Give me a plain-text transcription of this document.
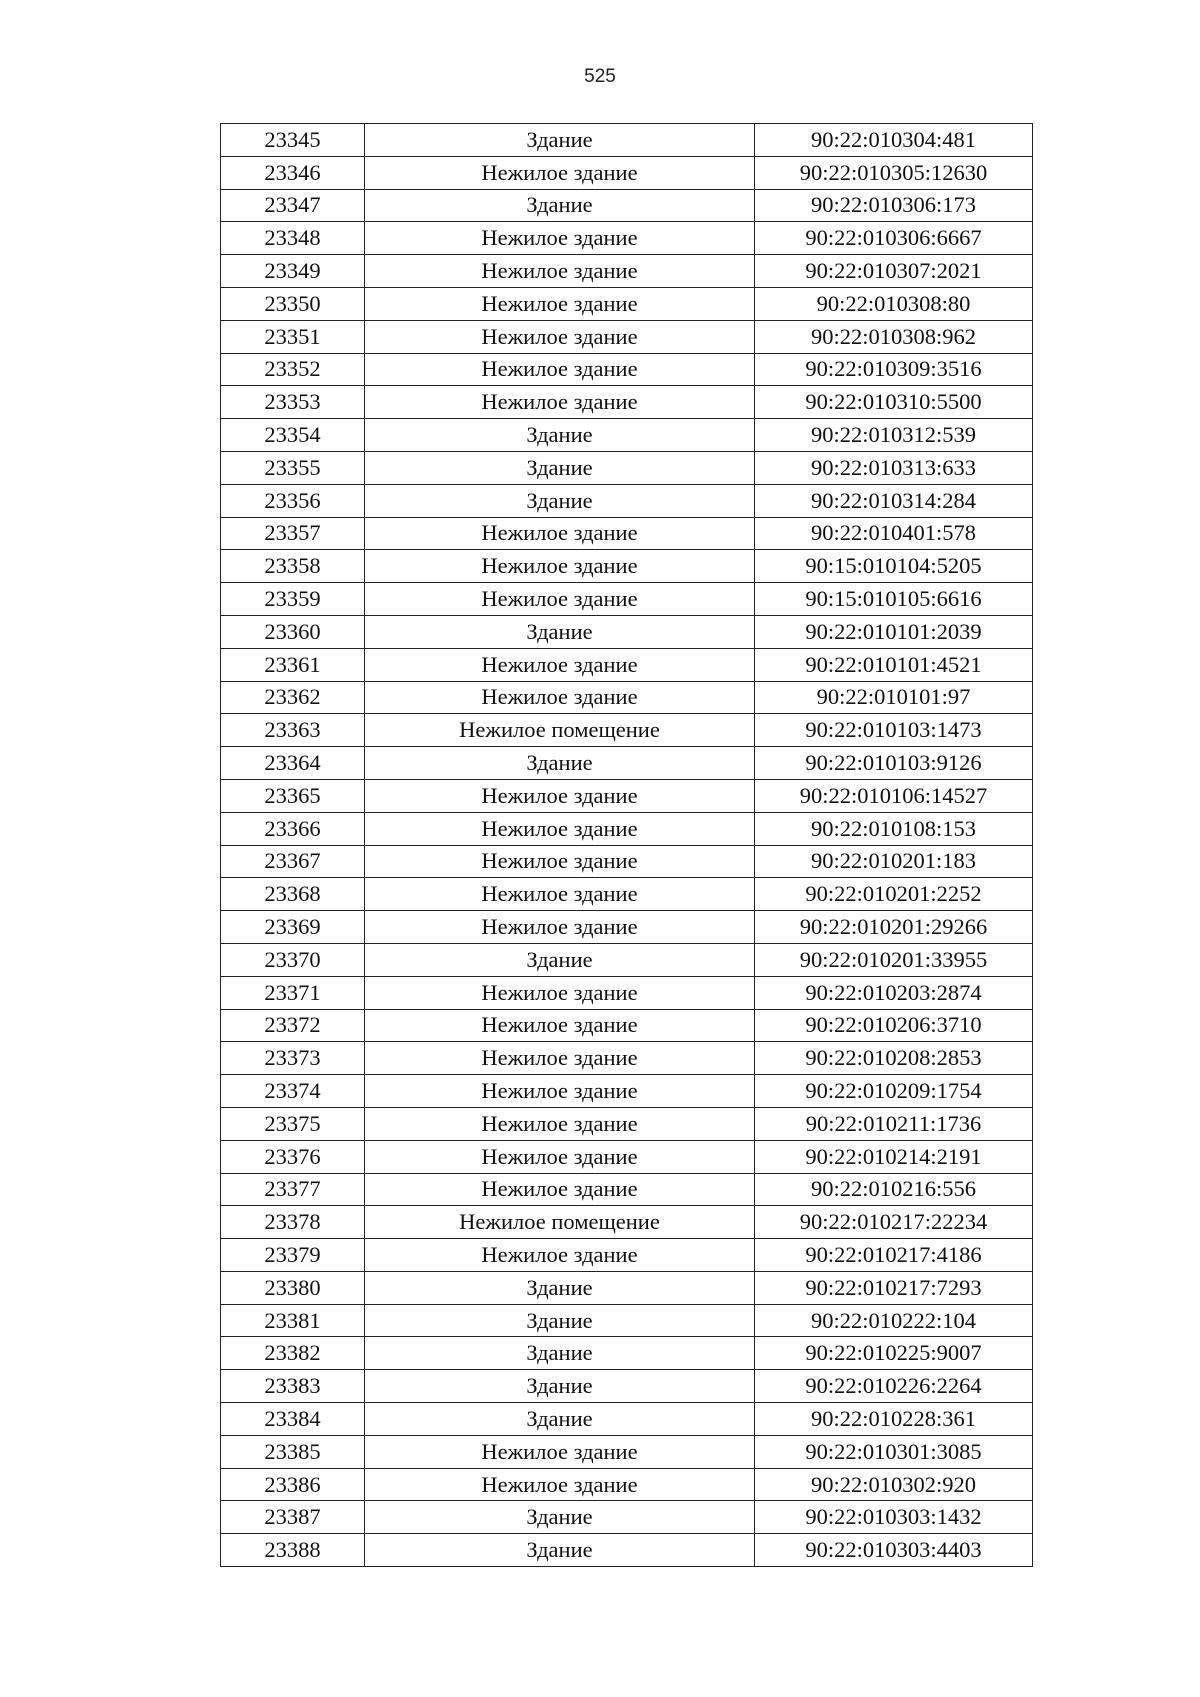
525
23345	Здание	90:22:010304:481
23346	Нежилое здание	90:22:010305:12630
23347	Здание	90:22:010306:173
23348	Нежилое здание	90:22:010306:6667
23349	Нежилое здание	90:22:010307:2021
23350	Нежилое здание	90:22:010308:80
23351	Нежилое здание	90:22:010308:962
23352	Нежилое здание	90:22:010309:3516
23353	Нежилое здание	90:22:010310:5500
23354	Здание	90:22:010312:539
23355	Здание	90:22:010313:633
23356	Здание	90:22:010314:284
23357	Нежилое здание	90:22:010401:578
23358	Нежилое здание	90:15:010104:5205
23359	Нежилое здание	90:15:010105:6616
23360	Здание	90:22:010101:2039
23361	Нежилое здание	90:22:010101:4521
23362	Нежилое здание	90:22:010101:97
23363	Нежилое помещение	90:22:010103:1473
23364	Здание	90:22:010103:9126
23365	Нежилое здание	90:22:010106:14527
23366	Нежилое здание	90:22:010108:153
23367	Нежилое здание	90:22:010201:183
23368	Нежилое здание	90:22:010201:2252
23369	Нежилое здание	90:22:010201:29266
23370	Здание	90:22:010201:33955
23371	Нежилое здание	90:22:010203:2874
23372	Нежилое здание	90:22:010206:3710
23373	Нежилое здание	90:22:010208:2853
23374	Нежилое здание	90:22:010209:1754
23375	Нежилое здание	90:22:010211:1736
23376	Нежилое здание	90:22:010214:2191
23377	Нежилое здание	90:22:010216:556
23378	Нежилое помещение	90:22:010217:22234
23379	Нежилое здание	90:22:010217:4186
23380	Здание	90:22:010217:7293
23381	Здание	90:22:010222:104
23382	Здание	90:22:010225:9007
23383	Здание	90:22:010226:2264
23384	Здание	90:22:010228:361
23385	Нежилое здание	90:22:010301:3085
23386	Нежилое здание	90:22:010302:920
23387	Здание	90:22:010303:1432
23388	Здание	90:22:010303:4403
